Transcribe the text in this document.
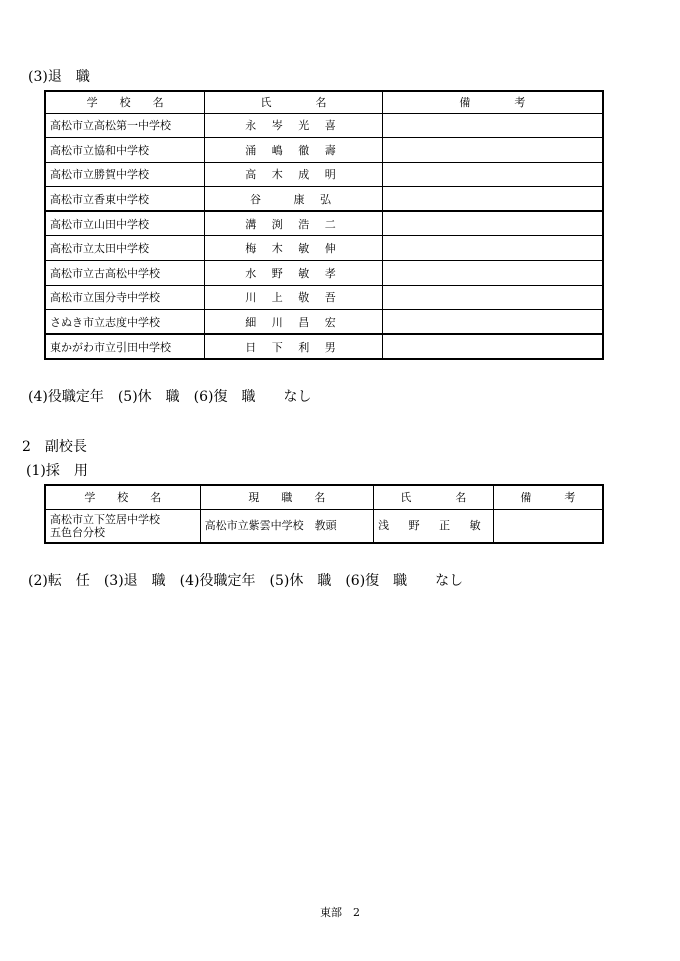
(3)退　職
学　　校　　名	氏　　　　名	備　　　　考
高松市立高松第一中学校	永 岑 光 喜	
高松市立協和中学校	涌 嶋 徹 壽	
高松市立勝賀中学校	高 木 成 明	
高松市立香東中学校	谷　 康 弘	
高松市立山田中学校	溝 渕 浩 二	
高松市立太田中学校	梅 木 敏 伸	
高松市立古高松中学校	水 野 敏 孝	
高松市立国分寺中学校	川 上 敬 吾	
さぬき市立志度中学校	細 川 昌 宏	
東かがわ市立引田中学校	日 下 利 男	
(4)役職定年　(5)休　職　(6)復　職　　なし
2　副校長
(1)採　用
学　　校　　名	現　　職　　名	氏　　　　名	備　　　考
高松市立下笠居中学校
五色台分校	高松市立紫雲中学校　教頭	浅 野 正 敏	
(2)転　任　(3)退　職　(4)役職定年　(5)休　職　(6)復　職　　なし
東部　2
